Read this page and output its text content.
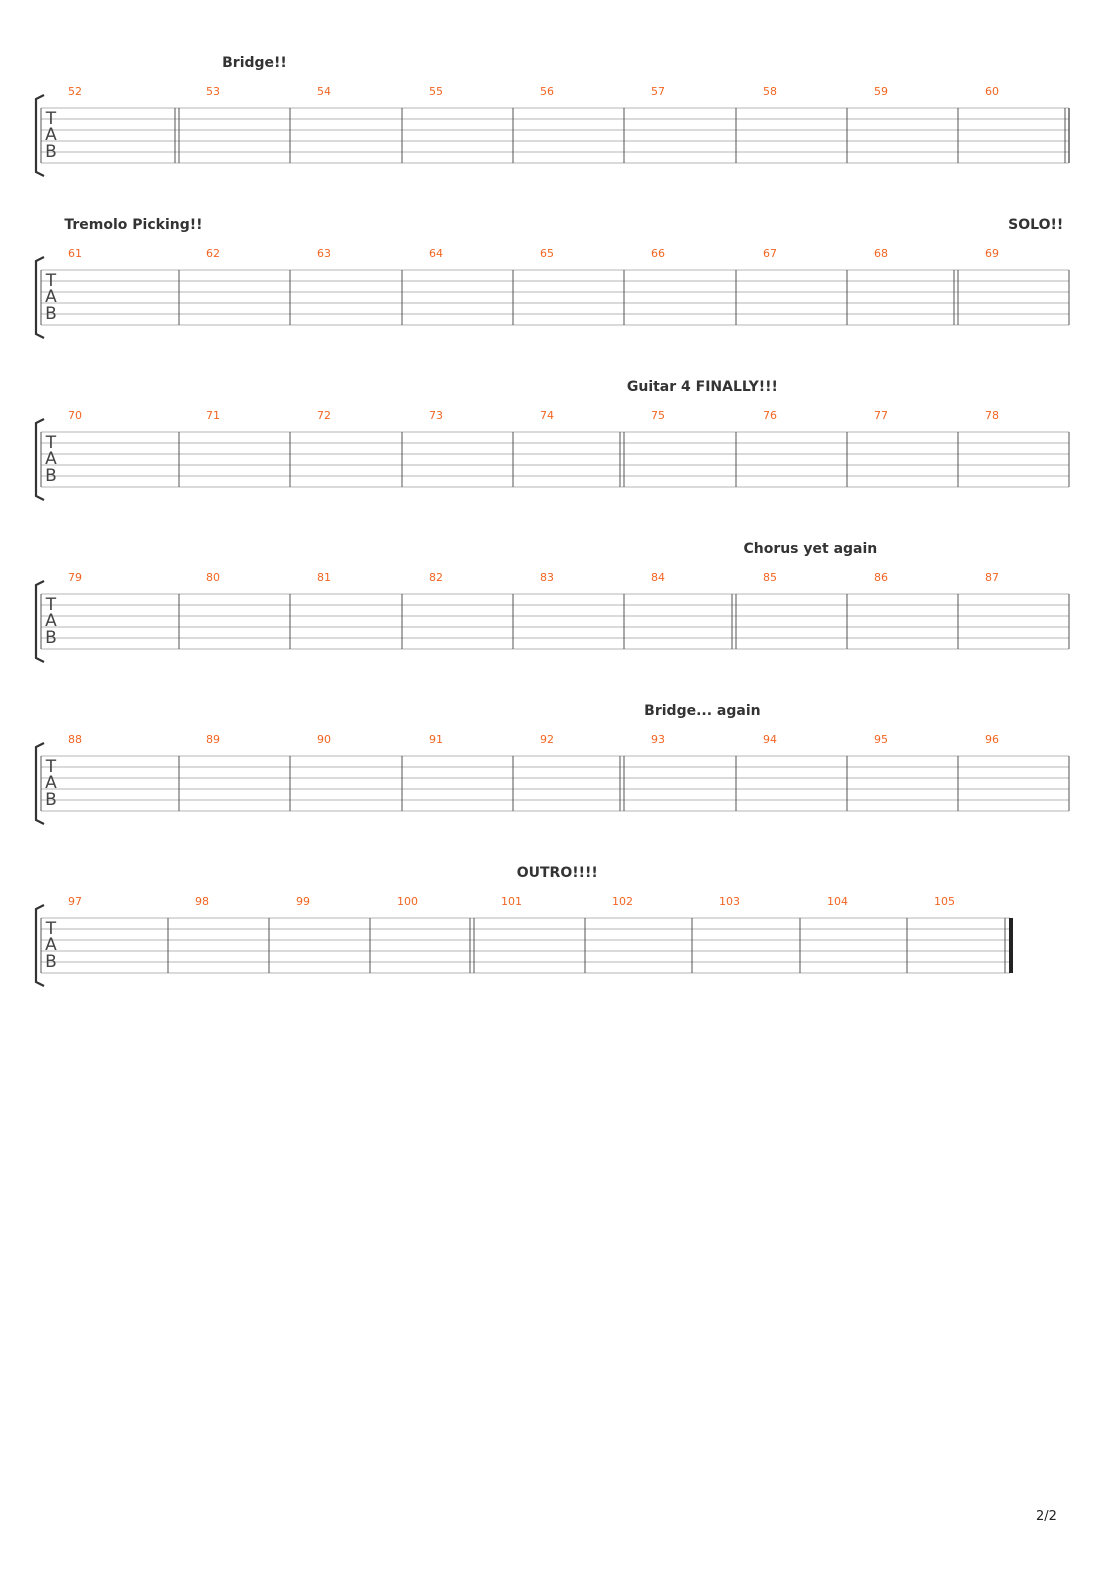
T
A
B
52	53	54	55	56	57	58	59	60
Bridge!!
T
A
B
61	62	63	64	65	66	67	68	69
Tremolo Picking!!	SOLO!!
T
A
B
70	71	72	73	74	75	76	77	78
Guitar 4 FINALLY!!!
T
A
B
79	80	81	82	83	84	85	86	87
Chorus yet again
T
A
B
88	89	90	91	92	93	94	95	96
Bridge... again
T
A
B
97	98	99	100	101	102	103	104	105
OUTRO!!!!
2/2
